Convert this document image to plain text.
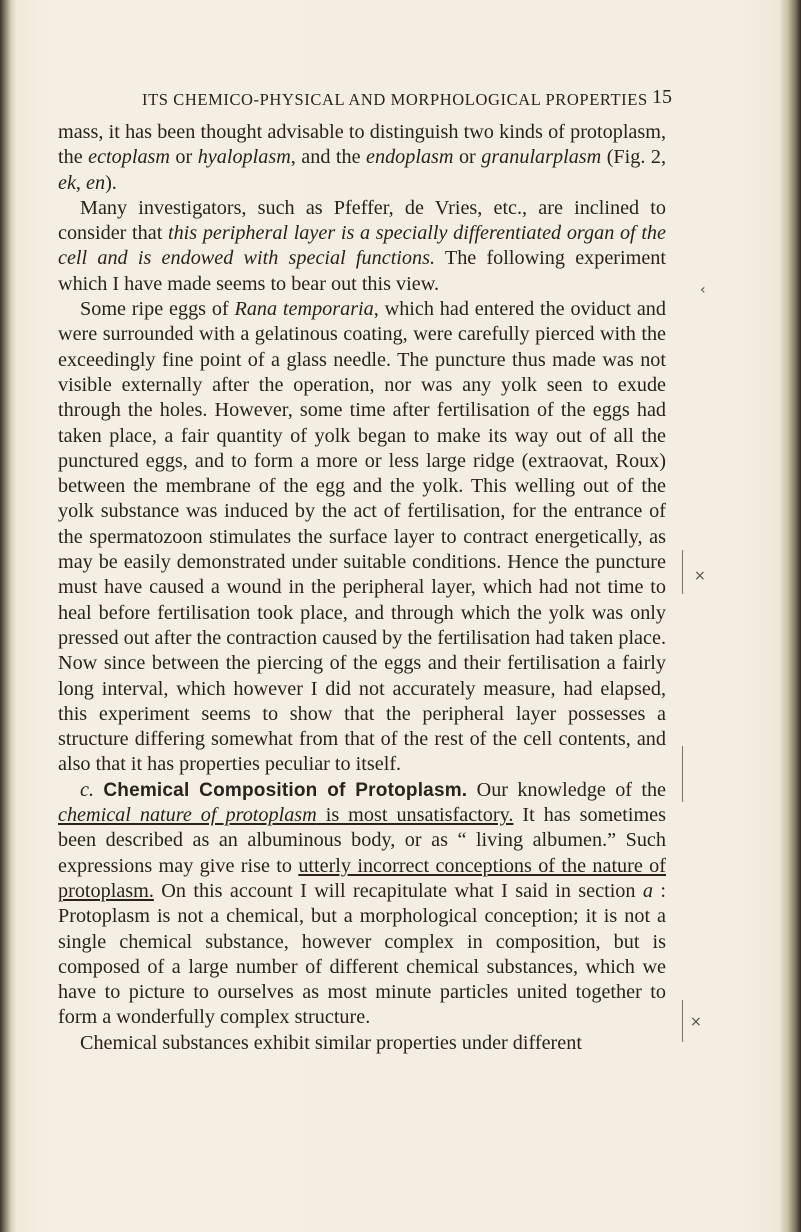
ITS CHEMICO-PHYSICAL AND MORPHOLOGICAL PROPERTIES 15

mass, it has been thought advisable to distinguish two kinds of protoplasm, the ectoplasm or hyaloplasm, and the endoplasm or granularplasm (Fig. 2, ek, en).

Many investigators, such as Pfeffer, de Vries, etc., are inclined to consider that this peripheral layer is a specially differentiated organ of the cell and is endowed with special functions. The following experiment which I have made seems to bear out this view.

Some ripe eggs of Rana temporaria, which had entered the oviduct and were surrounded with a gelatinous coating, were carefully pierced with the exceedingly fine point of a glass needle. The puncture thus made was not visible externally after the operation, nor was any yolk seen to exude through the holes. However, some time after fertilisation of the eggs had taken place, a fair quantity of yolk began to make its way out of all the punctured eggs, and to form a more or less large ridge (extraovat, Roux) between the membrane of the egg and the yolk. This welling out of the yolk substance was induced by the act of fertilisation, for the entrance of the spermatozoon stimulates the surface layer to contract energetically, as may be easily demonstrated under suitable conditions. Hence the puncture must have caused a wound in the peripheral layer, which had not time to heal before fertilisation took place, and through which the yolk was only pressed out after the contraction caused by the fertilisation had taken place. Now since between the piercing of the eggs and their fertilisation a fairly long interval, which however I did not accurately measure, had elapsed, this experiment seems to show that the peripheral layer possesses a structure differing somewhat from that of the rest of the cell contents, and also that it has properties peculiar to itself.

c. Chemical Composition of Protoplasm. Our knowledge of the chemical nature of protoplasm is most unsatisfactory. It has sometimes been described as an albuminous body, or as “ living albumen.” Such expressions may give rise to utterly incorrect conceptions of the nature of protoplasm. On this account I will recapitulate what I said in section a : Protoplasm is not a chemical, but a morphological conception; it is not a single chemical substance, however complex in composition, but is composed of a large number of different chemical substances, which we have to picture to ourselves as most minute particles united together to form a wonderfully complex structure.

Chemical substances exhibit similar properties under different

‹
×
×
